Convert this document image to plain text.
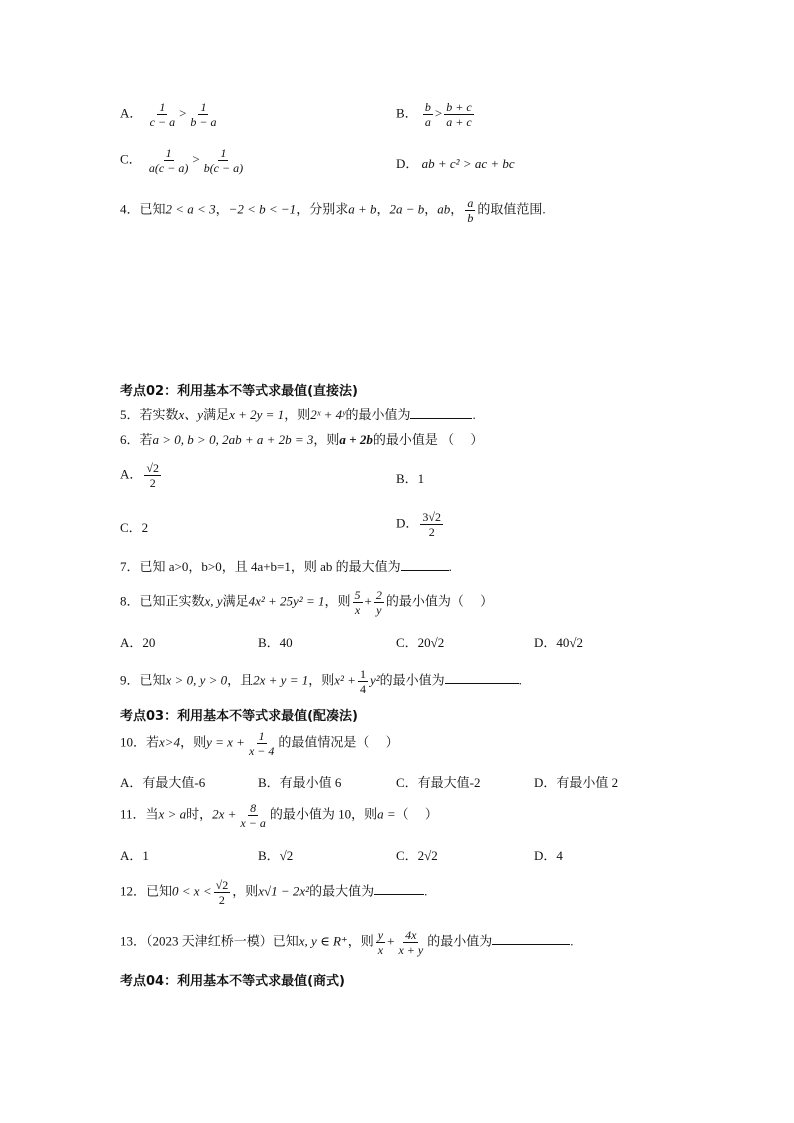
A． $\frac{1}{c - a} > \frac{1}{b - a}$	B． $\frac{b}{a} > \frac{b + c}{a + c}$
C． $\frac{1}{a(c - a)} > \frac{1}{b(c - a)}$	D． ab + c² > ac + bc
4．已知2 < a < 3，−2 < b < −1，分别求a + b，2a − b，ab， $\frac{a}{b}$ 的取值范围.
考点02：利用基本不等式求最值(直接法)
5．若实数x、y满足x + 2y = 1，则2ˣ + 4ʸ的最小值为	.
6．若a > 0, b > 0, 2ab + a + 2b = 3，则a + 2b的最小值是 （　 ）
A． $\frac{√2}{2}$	B．1
C．2	D． $\frac{3√2}{2}$
7．已知 a>0，b>0，且 4a+b=1，则 ab 的最大值为	.
8．已知正实数x, y满足4x² + 25y² = 1，则 $\frac{5}{x} + \frac{2}{y}$ 的最小值为（　 ）
A．20	B．40	C．20√2	D．40√2
9．已知x > 0, y > 0，且2x + y = 1，则$x^2 + \frac{1}{4} y^2$的最小值为	.
考点03：利用基本不等式求最值(配凑法)
10．若x>4，则$y = x + \frac{1}{x - 4}$ 的最值情况是（　 ）
A．有最大值-6	B．有最小值 6	C．有最大值-2	D．有最小值 2
11．当x > a时，$2x + \frac{8}{x - a}$ 的最小值为 10，则a =（　 ）
A．1	B．√2	C．2√2	D．4
12．已知$0 < x < \frac{√2}{2}$ ，则x√1 − 2x²的最大值为	.
13．（2023 天津红桥一模）已知x, y ∈ R⁺，则 $\frac{y}{x} + \frac{4x}{x + y}$ 的最小值为	.
考点04：利用基本不等式求最值(商式)
